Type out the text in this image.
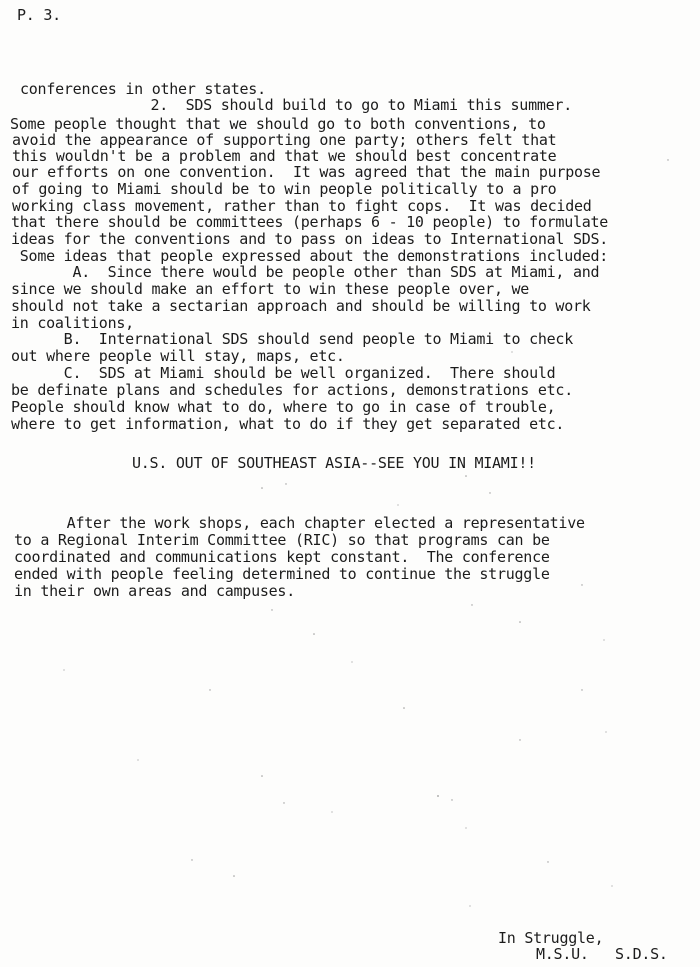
P. 3.
conferences in other states.
2.  SDS should build to go to Miami this summer.
Some people thought that we should go to both conventions, to
avoid the appearance of supporting one party; others felt that
this wouldn't be a problem and that we should best concentrate
our efforts on one convention.  It was agreed that the main purpose
of going to Miami should be to win people politically to a pro
working class movement, rather than to fight cops.  It was decided
that there should be committees (perhaps 6 - 10 people) to formulate
ideas for the conventions and to pass on ideas to International SDS.
Some ideas that people expressed about the demonstrations included:
A.  Since there would be people other than SDS at Miami, and
since we should make an effort to win these people over, we
should not take a sectarian approach and should be willing to work
in coalitions,
B.  International SDS should send people to Miami to check
out where people will stay, maps, etc.
C.  SDS at Miami should be well organized.  There should
be definate plans and schedules for actions, demonstrations etc.
People should know what to do, where to go in case of trouble,
where to get information, what to do if they get separated etc.
U.S. OUT OF SOUTHEAST ASIA--SEE YOU IN MIAMI!!
After the work shops, each chapter elected a representative
to a Regional Interim Committee (RIC) so that programs can be
coordinated and communications kept constant.  The conference
ended with people feeling determined to continue the struggle
in their own areas and campuses.
In Struggle,
M.S.U.   S.D.S.
